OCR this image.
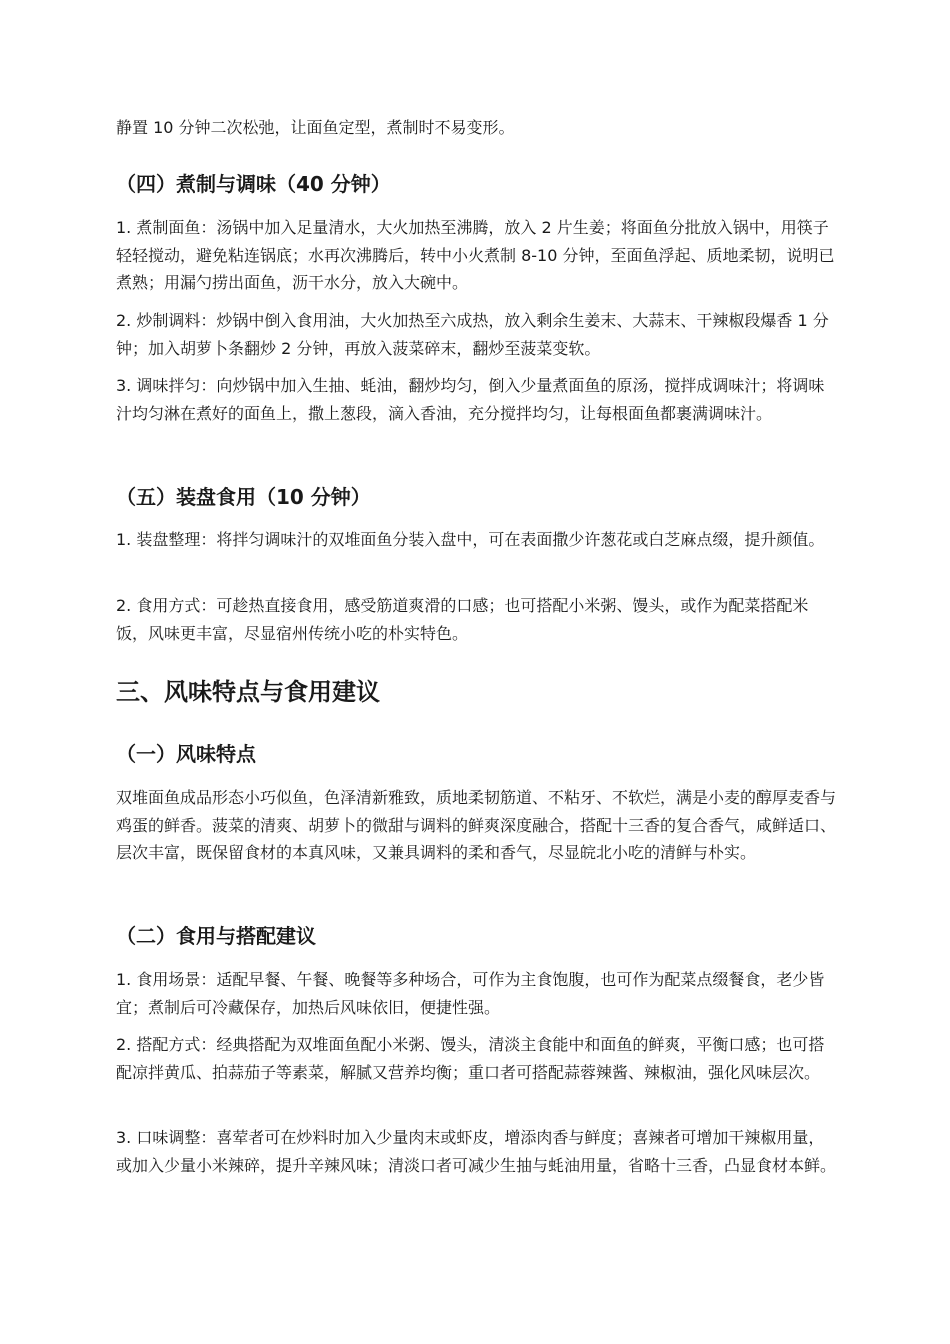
静置 10 分钟二次松弛，让面鱼定型，煮制时不易变形。

（四）煮制与调味（40 分钟）

1. 煮制面鱼：汤锅中加入足量清水，大火加热至沸腾，放入 2 片生姜；将面鱼分批放入锅中，用筷子轻轻搅动，避免粘连锅底；水再次沸腾后，转中小火煮制 8-10 分钟，至面鱼浮起、质地柔韧，说明已煮熟；用漏勺捞出面鱼，沥干水分，放入大碗中。

2. 炒制调料：炒锅中倒入食用油，大火加热至六成热，放入剩余生姜末、大蒜末、干辣椒段爆香 1 分钟；加入胡萝卜条翻炒 2 分钟，再放入菠菜碎末，翻炒至菠菜变软。

3. 调味拌匀：向炒锅中加入生抽、蚝油，翻炒均匀，倒入少量煮面鱼的原汤，搅拌成调味汁；将调味汁均匀淋在煮好的面鱼上，撒上葱段，滴入香油，充分搅拌均匀，让每根面鱼都裹满调味汁。

（五）装盘食用（10 分钟）

1. 装盘整理：将拌匀调味汁的双堆面鱼分装入盘中，可在表面撒少许葱花或白芝麻点缀，提升颜值。

2. 食用方式：可趁热直接食用，感受筋道爽滑的口感；也可搭配小米粥、馒头，或作为配菜搭配米饭，风味更丰富，尽显宿州传统小吃的朴实特色。

三、风味特点与食用建议
（一）风味特点

双堆面鱼成品形态小巧似鱼，色泽清新雅致，质地柔韧筋道、不粘牙、不软烂，满是小麦的醇厚麦香与鸡蛋的鲜香。菠菜的清爽、胡萝卜的微甜与调料的鲜爽深度融合，搭配十三香的复合香气，咸鲜适口、层次丰富，既保留食材的本真风味，又兼具调料的柔和香气，尽显皖北小吃的清鲜与朴实。

（二）食用与搭配建议

1. 食用场景：适配早餐、午餐、晚餐等多种场合，可作为主食饱腹，也可作为配菜点缀餐食，老少皆宜；煮制后可冷藏保存，加热后风味依旧，便捷性强。

2. 搭配方式：经典搭配为双堆面鱼配小米粥、馒头，清淡主食能中和面鱼的鲜爽，平衡口感；也可搭配凉拌黄瓜、拍蒜茄子等素菜，解腻又营养均衡；重口者可搭配蒜蓉辣酱、辣椒油，强化风味层次。

3. 口味调整：喜荤者可在炒料时加入少量肉末或虾皮，增添肉香与鲜度；喜辣者可增加干辣椒用量，或加入少量小米辣碎，提升辛辣风味；清淡口者可减少生抽与蚝油用量，省略十三香，凸显食材本鲜。
